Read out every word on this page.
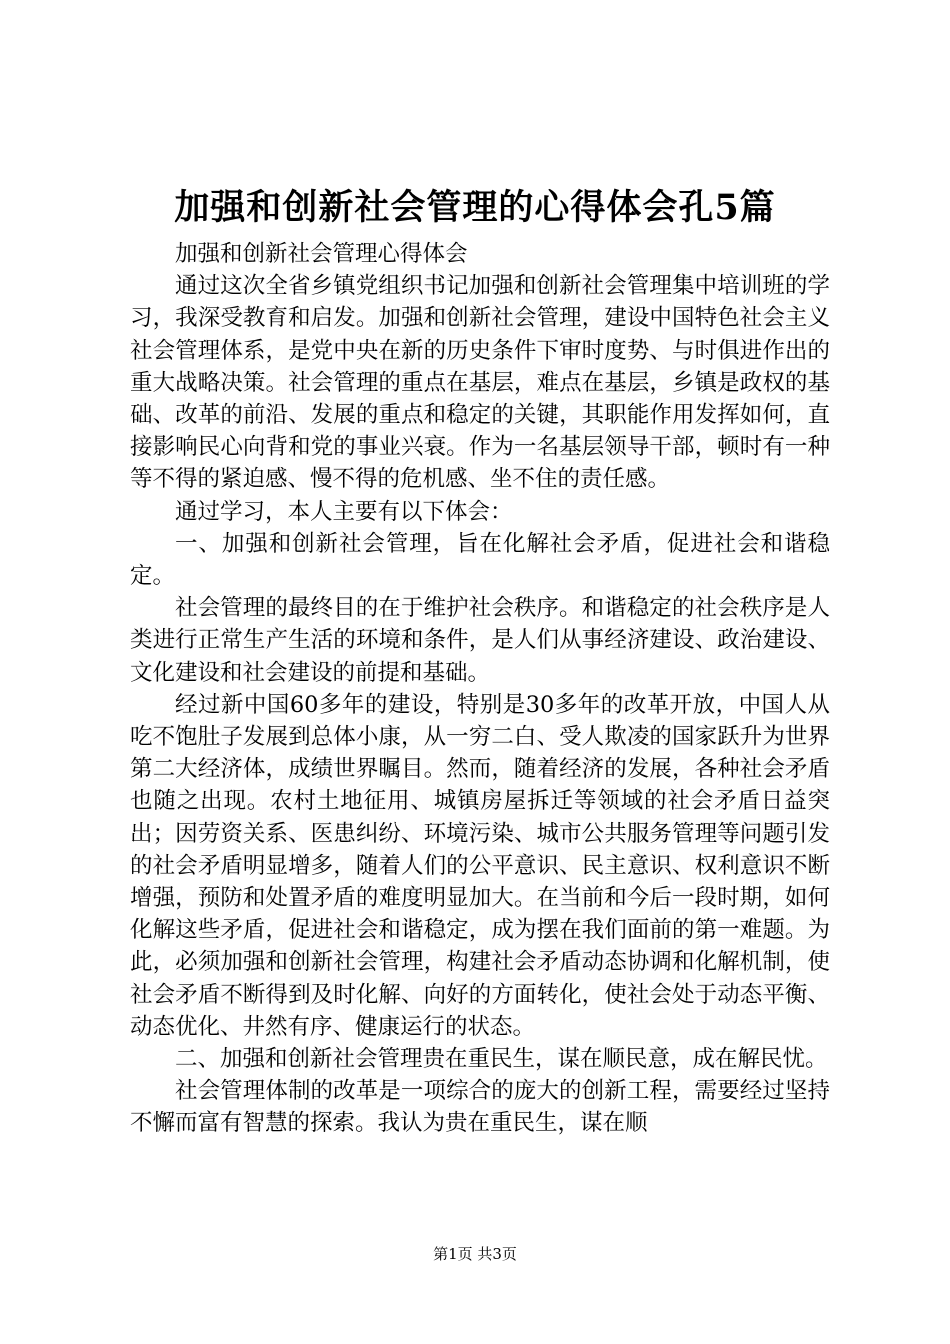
加强和创新社会管理的心得体会孔5篇

加强和创新社会管理心得体会

通过这次全省乡镇党组织书记加强和创新社会管理集中培训班的学习，我深受教育和启发。加强和创新社会管理，建设中国特色社会主义社会管理体系，是党中央在新的历史条件下审时度势、与时俱进作出的重大战略决策。社会管理的重点在基层，难点在基层，乡镇是政权的基础、改革的前沿、发展的重点和稳定的关键，其职能作用发挥如何，直接影响民心向背和党的事业兴衰。作为一名基层领导干部，顿时有一种等不得的紧迫感、慢不得的危机感、坐不住的责任感。

通过学习，本人主要有以下体会：

一、加强和创新社会管理，旨在化解社会矛盾，促进社会和谐稳定。

社会管理的最终目的在于维护社会秩序。和谐稳定的社会秩序是人类进行正常生产生活的环境和条件，是人们从事经济建设、政治建设、文化建设和社会建设的前提和基础。

经过新中国60多年的建设，特别是30多年的改革开放，中国人从吃不饱肚子发展到总体小康，从一穷二白、受人欺凌的国家跃升为世界第二大经济体，成绩世界瞩目。然而，随着经济的发展，各种社会矛盾也随之出现。农村土地征用、城镇房屋拆迁等领域的社会矛盾日益突出；因劳资关系、医患纠纷、环境污染、城市公共服务管理等问题引发的社会矛盾明显增多，随着人们的公平意识、民主意识、权利意识不断增强，预防和处置矛盾的难度明显加大。在当前和今后一段时期，如何化解这些矛盾，促进社会和谐稳定，成为摆在我们面前的第一难题。为此，必须加强和创新社会管理，构建社会矛盾动态协调和化解机制，使社会矛盾不断得到及时化解、向好的方面转化，使社会处于动态平衡、动态优化、井然有序、健康运行的状态。

二、加强和创新社会管理贵在重民生，谋在顺民意，成在解民忧。

社会管理体制的改革是一项综合的庞大的创新工程，需要经过坚持不懈而富有智慧的探索。我认为贵在重民生，谋在顺

第1页 共3页
